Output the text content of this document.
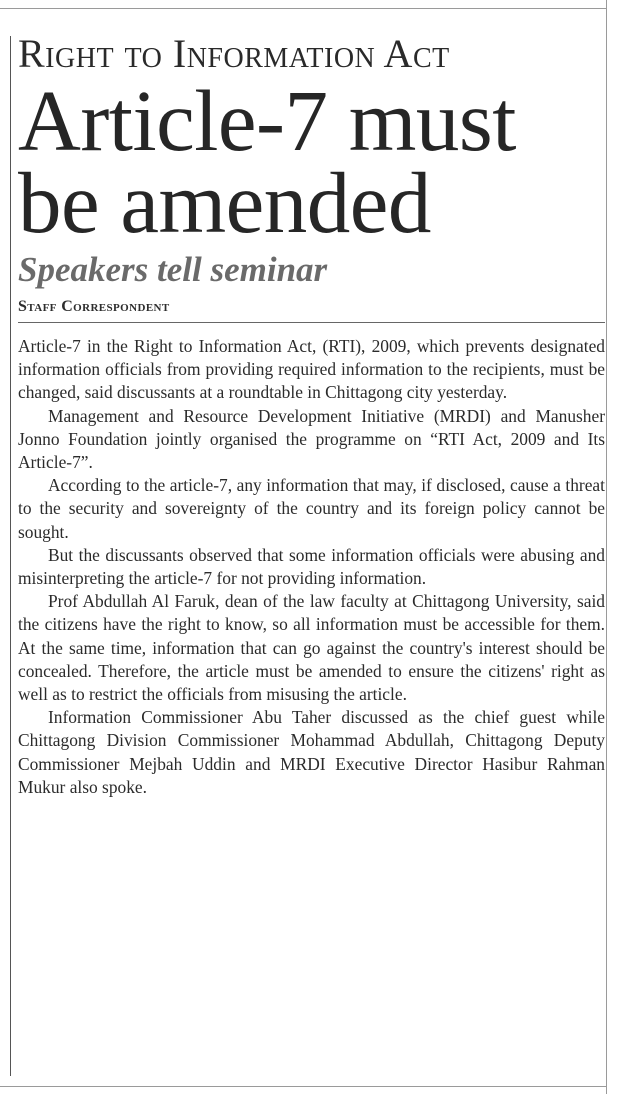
Right to Information Act
Article-7 must be amended
Speakers tell seminar
Staff Correspondent

Article-7 in the Right to Information Act, (RTI), 2009, which prevents designated information officials from providing required information to the recipients, must be changed, said discussants at a roundtable in Chittagong city yesterday.

Management and Resource Development Initiative (MRDI) and Manusher Jonno Foundation jointly organised the programme on “RTI Act, 2009 and Its Article-7”.

According to the article-7, any information that may, if disclosed, cause a threat to the security and sovereignty of the country and its foreign policy cannot be sought.

But the discussants observed that some information officials were abusing and misinterpreting the article-7 for not providing information.

Prof Abdullah Al Faruk, dean of the law faculty at Chittagong University, said the citizens have the right to know, so all information must be accessible for them. At the same time, information that can go against the country's interest should be concealed. Therefore, the article must be amended to ensure the citizens' right as well as to restrict the officials from misusing the article.

Information Commissioner Abu Taher discussed as the chief guest while Chittagong Division Commissioner Mohammad Abdullah, Chittagong Deputy Commissioner Mejbah Uddin and MRDI Executive Director Hasibur Rahman Mukur also spoke.
